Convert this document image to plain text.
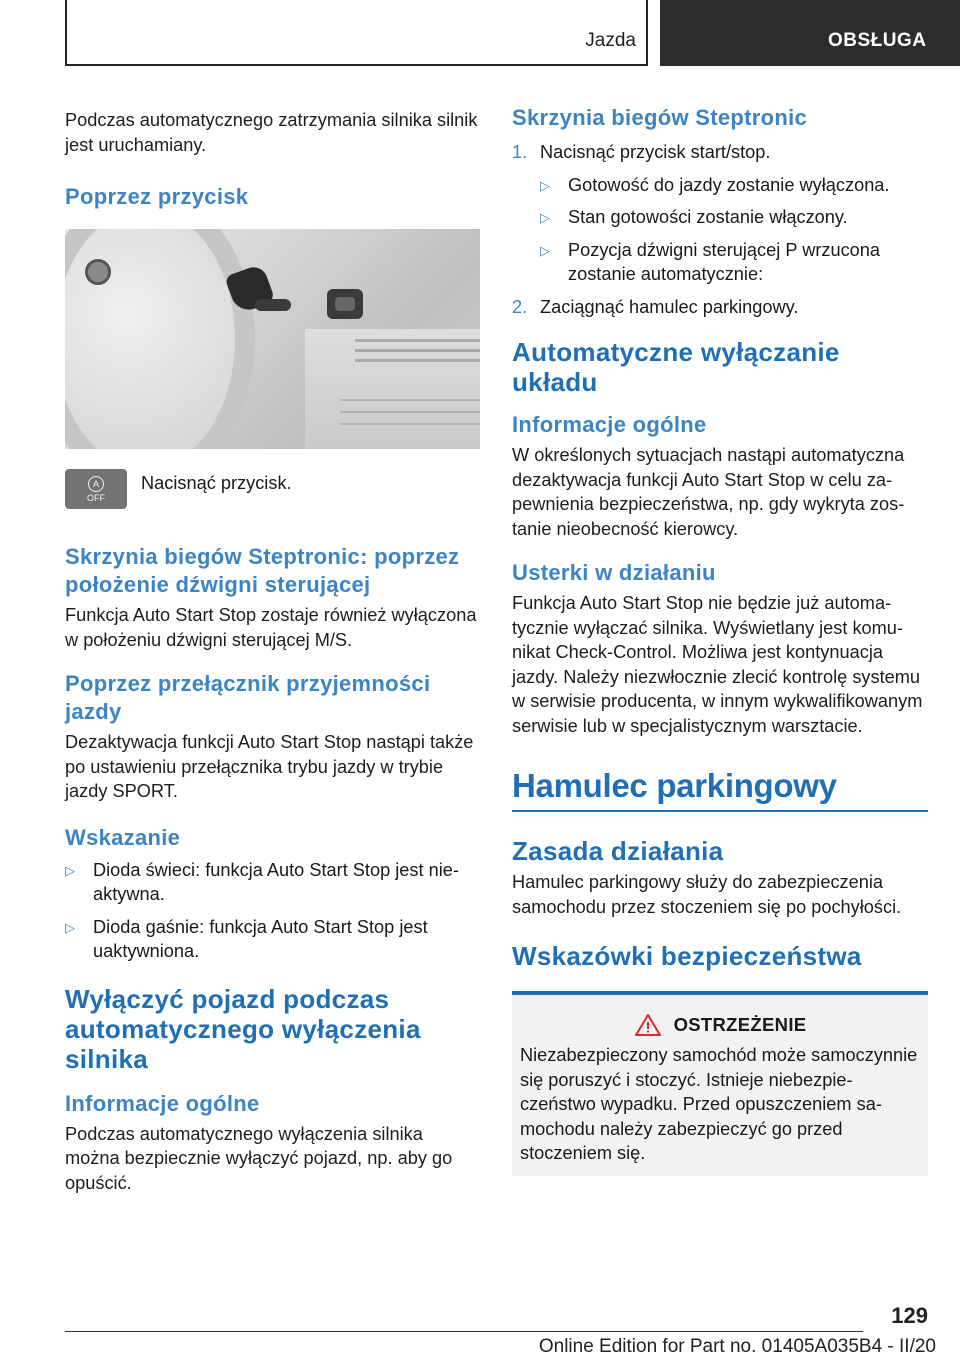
Jazda	OBSŁUGA

Podczas automatycznego zatrzymania silnika silnik jest uruchamiany.

Poprzez przycisk
A
OFF
Nacisnąć przycisk.
Skrzynia biegów Steptronic: poprzez położenie dźwigni sterującej

Funkcja Auto Start Stop zostaje również wyłączona w położeniu dźwigni sterującej M/S.

Poprzez przełącznik przyjemności jazdy

Dezaktywacja funkcji Auto Start Stop nastąpi także po ustawieniu przełącznika trybu jazdy w trybie jazdy SPORT.

Wskazanie
▷ Dioda świeci: funkcja Auto Start Stop jest nieaktywna.
▷ Dioda gaśnie: funkcja Auto Start Stop jest uaktywniona.
Wyłączyć pojazd podczas automatycznego wyłączenia silnika
Informacje ogólne

Podczas automatycznego wyłączenia silnika można bezpiecznie wyłączyć pojazd, np. aby go opuścić.

Skrzynia biegów Steptronic
1. Nacisnąć przycisk start/stop.
▷ Gotowość do jazdy zostanie wyłączona.
▷ Stan gotowości zostanie włączony.
▷ Pozycja dźwigni sterującej P wrzucona zostanie automatycznie:
2. Zaciągnąć hamulec parkingowy.
Automatyczne wyłączanie układu
Informacje ogólne

W określonych sytuacjach nastąpi automatyczna dezaktywacja funkcji Auto Start Stop w celu zapewnienia bezpieczeństwa, np. gdy wykryta zostanie nieobecność kierowcy.

Usterki w działaniu

Funkcja Auto Start Stop nie będzie już automatycznie wyłączać silnika. Wyświetlany jest komunikat Check-Control. Możliwa jest kontynuacja jazdy. Należy niezwłocznie zlecić kontrolę systemu w serwisie producenta, w innym wykwalifikowanym serwisie lub w specjalistycznym warsztacie.

Hamulec parkingowy
Zasada działania

Hamulec parkingowy służy do zabezpieczenia samochodu przez stoczeniem się po pochyłości.

Wskazówki bezpieczeństwa
OSTRZEŻENIE

Niezabezpieczony samochód może samoczynnie się poruszyć i stoczyć. Istnieje niebezpieczeństwo wypadku. Przed opuszczeniem samochodu należy zabezpieczyć go przed stoczeniem się.

129
Online Edition for Part no. 01405A035B4 - II/20
